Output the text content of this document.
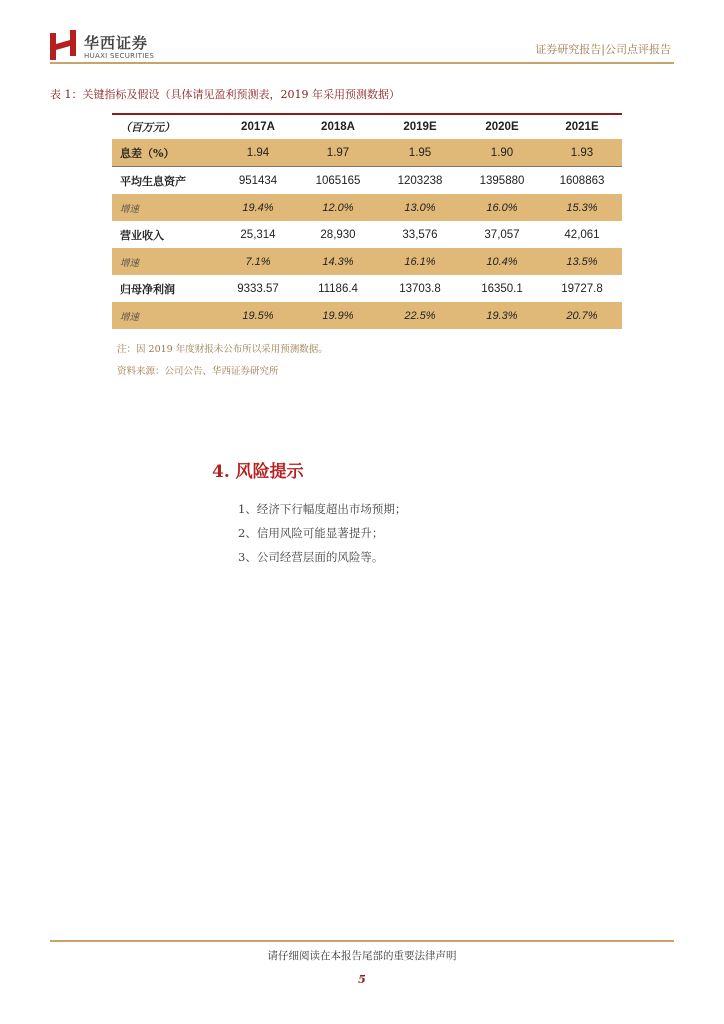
华西证券
HUAXI SECURITIES	证券研究报告|公司点评报告
表 1：关键指标及假设（具体请见盈利预测表，2019 年采用预测数据）
（百万元）	2017A	2018A	2019E	2020E	2021E
息差（%）	1.94	1.97	1.95	1.90	1.93
平均生息资产	951434	1065165	1203238	1395880	1608863
增速	19.4%	12.0%	13.0%	16.0%	15.3%
营业收入	25,314	28,930	33,576	37,057	42,061
增速	7.1%	14.3%	16.1%	10.4%	13.5%
归母净利润	9333.57	11186.4	13703.8	16350.1	19727.8
增速	19.5%	19.9%	22.5%	19.3%	20.7%
注：因 2019 年度财报未公布所以采用预测数据。
资料来源：公司公告、华西证券研究所
4. 风险提示
1、经济下行幅度超出市场预期；
2、信用风险可能显著提升；
3、公司经营层面的风险等。
请仔细阅读在本报告尾部的重要法律声明
5
